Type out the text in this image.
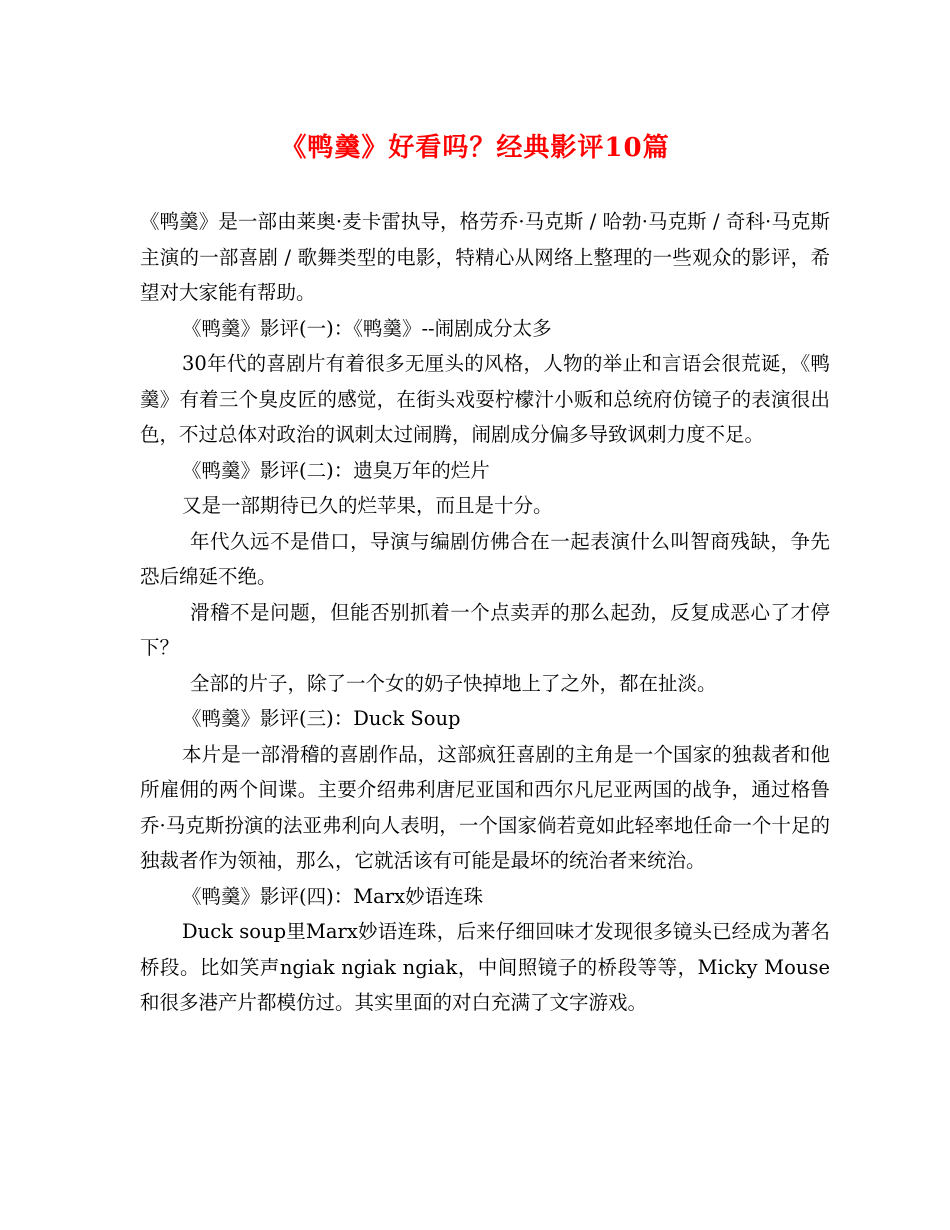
《鸭羹》好看吗？经典影评10篇

《鸭羹》是一部由莱奥·麦卡雷执导，格劳乔·马克斯 / 哈勃·马克斯 / 奇科·马克斯主演的一部喜剧 / 歌舞类型的电影，特精心从网络上整理的一些观众的影评，希望对大家能有帮助。

《鸭羹》影评(一)：《鸭羹》--闹剧成分太多

30年代的喜剧片有着很多无厘头的风格，人物的举止和言语会很荒诞，《鸭羹》有着三个臭皮匠的感觉，在街头戏耍柠檬汁小贩和总统府仿镜子的表演很出色，不过总体对政治的讽刺太过闹腾，闹剧成分偏多导致讽刺力度不足。

《鸭羹》影评(二)：遗臭万年的烂片

又是一部期待已久的烂苹果，而且是十分。

年代久远不是借口，导演与编剧仿佛合在一起表演什么叫智商残缺，争先恐后绵延不绝。

滑稽不是问题，但能否别抓着一个点卖弄的那么起劲，反复成恶心了才停下？

全部的片子，除了一个女的奶子快掉地上了之外，都在扯淡。

《鸭羹》影评(三)：Duck Soup

本片是一部滑稽的喜剧作品，这部疯狂喜剧的主角是一个国家的独裁者和他所雇佣的两个间谍。主要介绍弗利唐尼亚国和西尔凡尼亚两国的战争，通过格鲁乔·马克斯扮演的法亚弗利向人表明，一个国家倘若竟如此轻率地任命一个十足的独裁者作为领袖，那么，它就活该有可能是最坏的统治者来统治。

《鸭羹》影评(四)：Marx妙语连珠

Duck soup里Marx妙语连珠，后来仔细回味才发现很多镜头已经成为著名桥段。比如笑声ngiak ngiak ngiak，中间照镜子的桥段等等，Micky Mouse和很多港产片都模仿过。其实里面的对白充满了文字游戏。
